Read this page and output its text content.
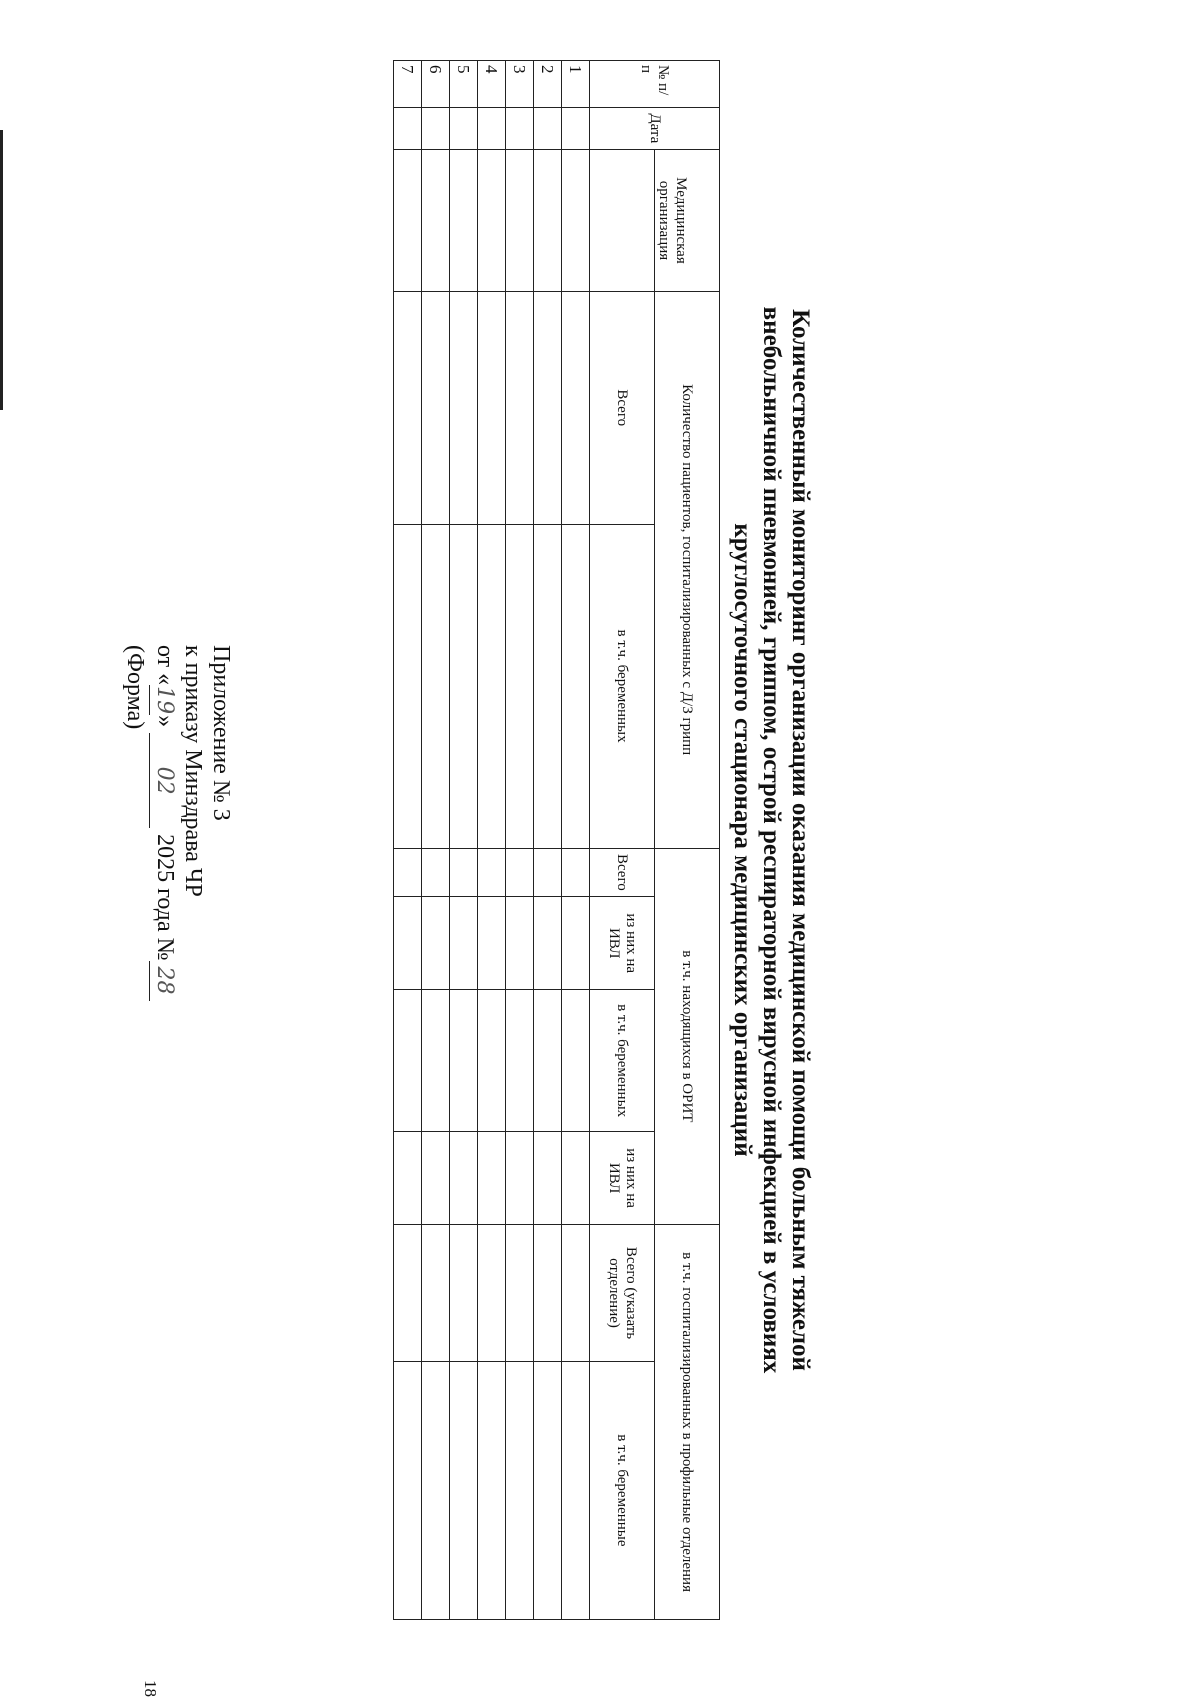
18
Приложение № 3
к приказу Минздрава ЧР
от «19» 02 2025 года №28
(Форма)	Количественный мониторинг организации оказания медицинской помощи больным тяжелой
внебольничной пневмонией, гриппом, острой респираторной вирусной инфекцией в условиях
круглосуточного стационара медицинских организаций
№ п/п	Дата	Медицинская организация	Количество пациентов, госпитализированных с Д/З грипп		в т.ч. находящихся в ОРИТ				в т.ч. госпитализированных в профильные отделения	
			Всего	в т.ч. беременных	Всего	из них на ИВЛ	в т.ч. беременных	из них на ИВЛ	Всего (указать отделение)	в т.ч. беременные
1										
2										
3										
4										
5										
6										
7										
